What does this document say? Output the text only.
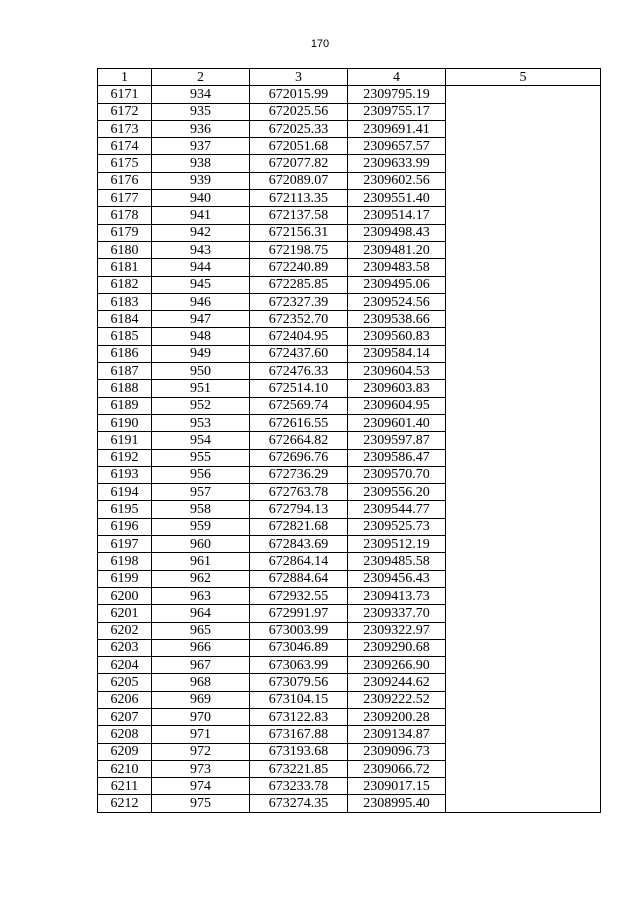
170
1	2	3	4	5
6171	934	672015.99	2309795.19	
6172	935	672025.56	2309755.17	
6173	936	672025.33	2309691.41	
6174	937	672051.68	2309657.57	
6175	938	672077.82	2309633.99	
6176	939	672089.07	2309602.56	
6177	940	672113.35	2309551.40	
6178	941	672137.58	2309514.17	
6179	942	672156.31	2309498.43	
6180	943	672198.75	2309481.20	
6181	944	672240.89	2309483.58	
6182	945	672285.85	2309495.06	
6183	946	672327.39	2309524.56	
6184	947	672352.70	2309538.66	
6185	948	672404.95	2309560.83	
6186	949	672437.60	2309584.14	
6187	950	672476.33	2309604.53	
6188	951	672514.10	2309603.83	
6189	952	672569.74	2309604.95	
6190	953	672616.55	2309601.40	
6191	954	672664.82	2309597.87	
6192	955	672696.76	2309586.47	
6193	956	672736.29	2309570.70	
6194	957	672763.78	2309556.20	
6195	958	672794.13	2309544.77	
6196	959	672821.68	2309525.73	
6197	960	672843.69	2309512.19	
6198	961	672864.14	2309485.58	
6199	962	672884.64	2309456.43	
6200	963	672932.55	2309413.73	
6201	964	672991.97	2309337.70	
6202	965	673003.99	2309322.97	
6203	966	673046.89	2309290.68	
6204	967	673063.99	2309266.90	
6205	968	673079.56	2309244.62	
6206	969	673104.15	2309222.52	
6207	970	673122.83	2309200.28	
6208	971	673167.88	2309134.87	
6209	972	673193.68	2309096.73	
6210	973	673221.85	2309066.72	
6211	974	673233.78	2309017.15	
6212	975	673274.35	2308995.40	
